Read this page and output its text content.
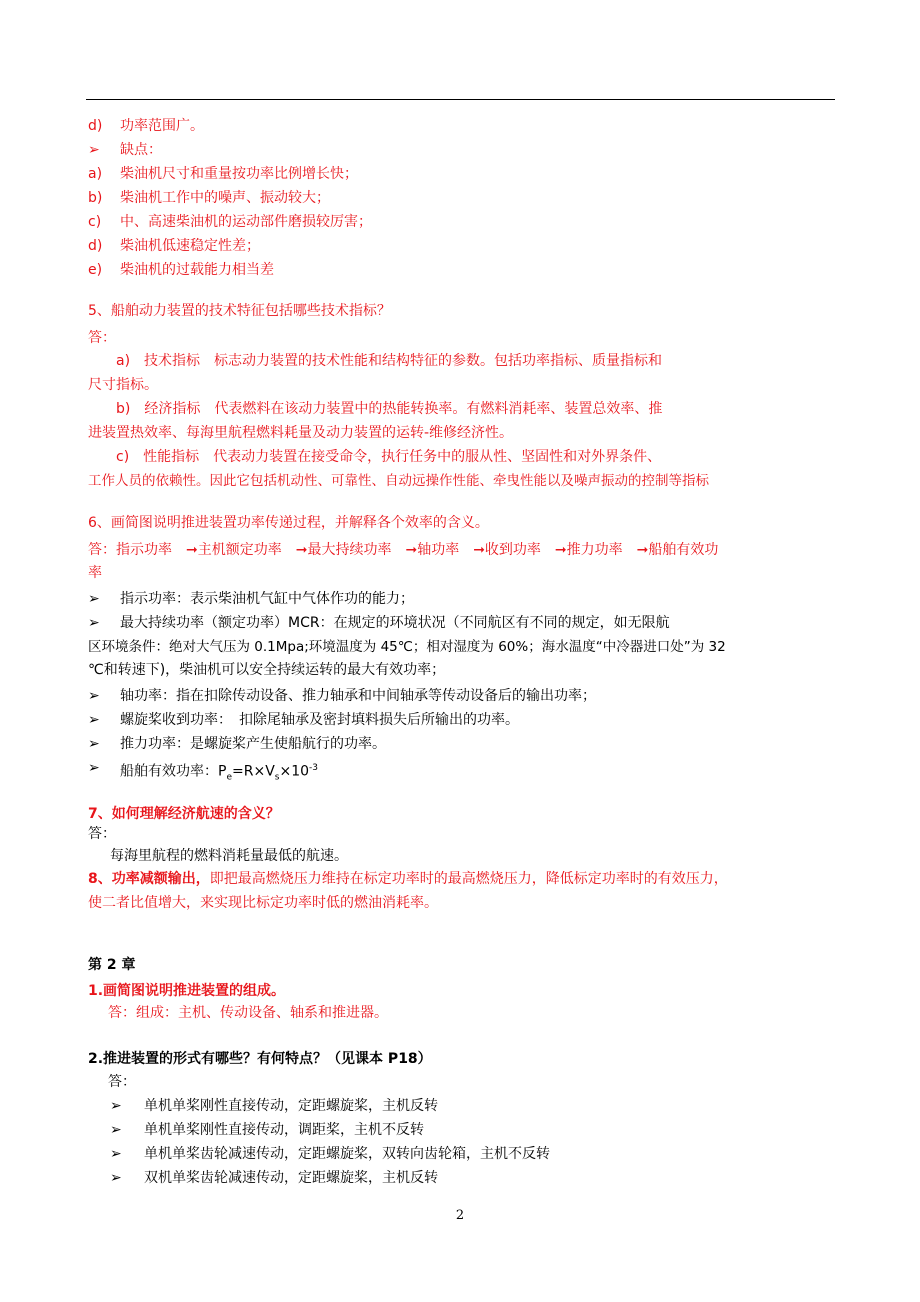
d) 功率范围广。
➢ 缺点：
a) 柴油机尺寸和重量按功率比例增长快；
b) 柴油机工作中的噪声、振动较大；
c) 中、高速柴油机的运动部件磨损较厉害；
d) 柴油机低速稳定性差；
e) 柴油机的过载能力相当差
5、船舶动力装置的技术特征包括哪些技术指标？
答：
a)　技术指标　标志动力装置的技术性能和结构特征的参数。包括功率指标、质量指标和
尺寸指标。
b)　经济指标　代表燃料在该动力装置中的热能转换率。有燃料消耗率、装置总效率、推
进装置热效率、每海里航程燃料耗量及动力装置的运转-维修经济性。
c)　性能指标　代表动力装置在接受命令，执行任务中的服从性、坚固性和对外界条件、
工作人员的依赖性。因此它包括机动性、可靠性、自动远操作性能、牵曳性能以及噪声振动的控制等指标
6、画简图说明推进装置功率传递过程，并解释各个效率的含义。
答：指示功率　➞主机额定功率　➞最大持续功率　➞轴功率　➞收到功率　➞推力功率　➞船舶有效功
率
➢ 指示功率：表示柴油机气缸中气体作功的能力；
➢ 最大持续功率（额定功率）MCR：在规定的环境状况（不同航区有不同的规定，如无限航
区环境条件：绝对大气压为 0.1Mpa;环境温度为 45℃；相对湿度为 60%；海水温度“中冷器进口处”为 32
℃和转速下)，柴油机可以安全持续运转的最大有效功率；
➢ 轴功率：指在扣除传动设备、推力轴承和中间轴承等传动设备后的输出功率；
➢ 螺旋桨收到功率：　扣除尾轴承及密封填料损失后所输出的功率。
➢ 推力功率：是螺旋桨产生使船航行的功率。
➢ 船舶有效功率：$P_e=R\times V_s\times 10^{-3}$
7、如何理解经济航速的含义？
答：
每海里航程的燃料消耗量最低的航速。
8、功率减额输出，即把最高燃烧压力维持在标定功率时的最高燃烧压力，降低标定功率时的有效压力，
使二者比值增大，来实现比标定功率时低的燃油消耗率。
第 2 章
1.画简图说明推进装置的组成。
答：组成：主机、传动设备、轴系和推进器。
2.推进装置的形式有哪些？有何特点？（见课本 P18）
答：
➢ 单机单桨刚性直接传动，定距螺旋桨，主机反转
➢ 单机单桨刚性直接传动，调距桨，主机不反转
➢ 单机单桨齿轮减速传动，定距螺旋桨，双转向齿轮箱，主机不反转
➢ 双机单桨齿轮减速传动，定距螺旋桨，主机反转
2
